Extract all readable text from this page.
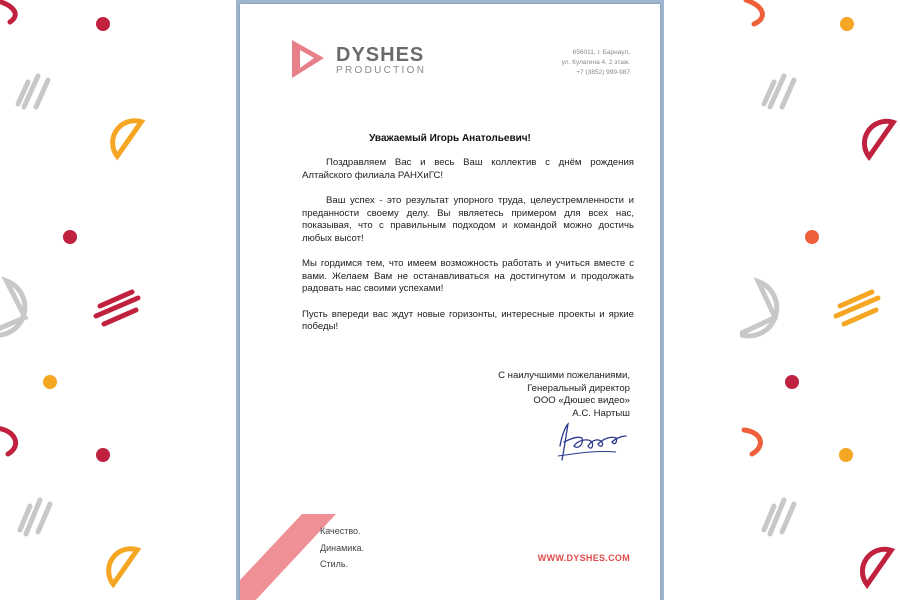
DYSHES
PRODUCTION
656011, г. Барнаул,
ул. Кулагина 4, 2 этаж.
+7 (3852) 999-987
Уважаемый Игорь Анатольевич!

Поздравляем Вас и весь Ваш коллектив с днём рождения Алтайского филиала РАНХиГС!

Ваш успех - это результат упорного труда, целеустремленности и преданности своему делу. Вы являетесь примером для всех нас, показывая, что с правильным подходом и командой можно достичь любых высот!

Мы гордимся тем, что имеем возможность работать и учиться вместе с вами. Желаем Вам не останавливаться на достигнутом и продолжать радовать нас своими успехами!

Пусть впереди вас ждут новые горизонты, интересные проекты и яркие победы!

С наилучшими пожеланиями,
Генеральный директор
ООО «Дюшес видео»
А.С. Нартыш
Качество.
Динамика.
Стиль.
WWW.DYSHES.COM
